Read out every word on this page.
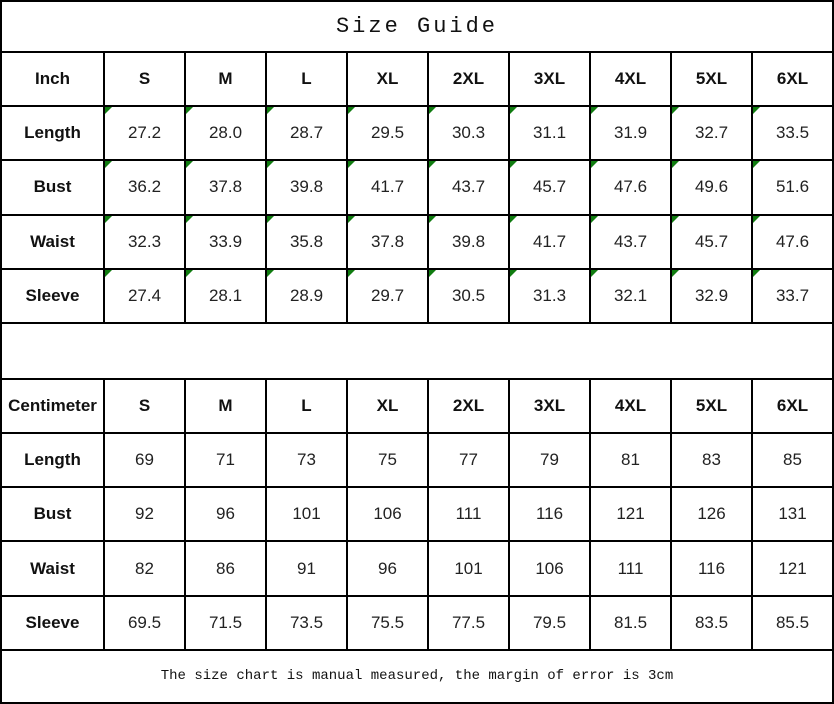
Size Guide									
Inch	S	M	L	XL	2XL	3XL	4XL	5XL	6XL
Length	27.2	28.0	28.7	29.5	30.3	31.1	31.9	32.7	33.5
Bust	36.2	37.8	39.8	41.7	43.7	45.7	47.6	49.6	51.6
Waist	32.3	33.9	35.8	37.8	39.8	41.7	43.7	45.7	47.6
Sleeve	27.4	28.1	28.9	29.7	30.5	31.3	32.1	32.9	33.7

Centimeter	S	M	L	XL	2XL	3XL	4XL	5XL	6XL
Length	69	71	73	75	77	79	81	83	85
Bust	92	96	101	106	111	116	121	126	131
Waist	82	86	91	96	101	106	111	116	121
Sleeve	69.5	71.5	73.5	75.5	77.5	79.5	81.5	83.5	85.5
The size chart is manual measured, the margin of error is 3cm									
